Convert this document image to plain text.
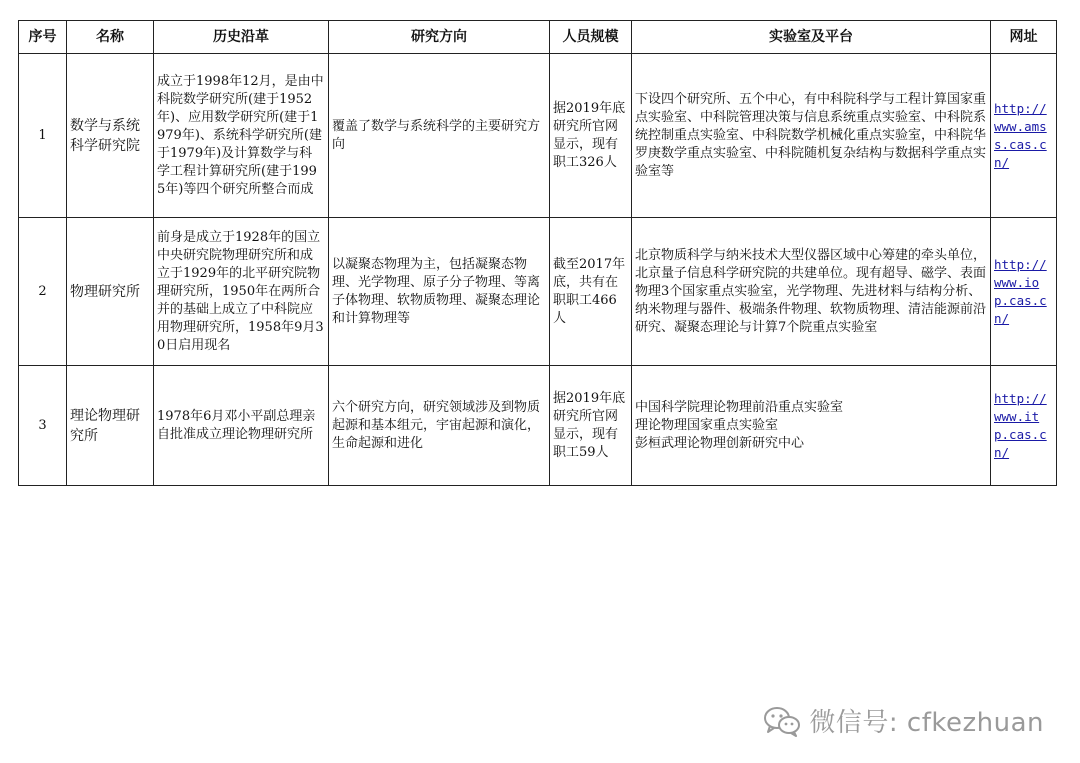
序号	名称	历史沿革	研究方向	人员规模	实验室及平台	网址
1	数学与系统科学研究院	成立于1998年12月，是由中科院数学研究所(建于1952年)、应用数学研究所(建于1979年)、系统科学研究所(建于1979年)及计算数学与科学工程计算研究所(建于1995年)等四个研究所整合而成	覆盖了数学与系统科学的主要研究方向	据2019年底研究所官网显示，现有职工326人	下设四个研究所、五个中心，有中科院科学与工程计算国家重点实验室、中科院管理决策与信息系统重点实验室、中科院系统控制重点实验室、中科院数学机械化重点实验室，中科院华罗庚数学重点实验室、中科院随机复杂结构与数据科学重点实验室等	http://www.amss.cas.cn/
2	物理研究所	前身是成立于1928年的国立中央研究院物理研究所和成立于1929年的北平研究院物理研究所，1950年在两所合并的基础上成立了中科院应用物理研究所，1958年9月30日启用现名	以凝聚态物理为主，包括凝聚态物理、光学物理、原子分子物理、等离子体物理、软物质物理、凝聚态理论和计算物理等	截至2017年底，共有在职职工466人	北京物质科学与纳米技术大型仪器区域中心筹建的牵头单位，北京量子信息科学研究院的共建单位。现有超导、磁学、表面物理3个国家重点实验室，光学物理、先进材料与结构分析、纳米物理与器件、极端条件物理、软物质物理、清洁能源前沿研究、凝聚态理论与计算7个院重点实验室	http://www.iop.cas.cn/
3	理论物理研究所	1978年6月邓小平副总理亲自批准成立理论物理研究所	六个研究方向，研究领域涉及到物质起源和基本组元，宇宙起源和演化，生命起源和进化	据2019年底研究所官网显示，现有职工59人	中国科学院理论物理前沿重点实验室
理论物理国家重点实验室
彭桓武理论物理创新研究中心	http://www.itp.cas.cn/
微信号: cfkezhuan
